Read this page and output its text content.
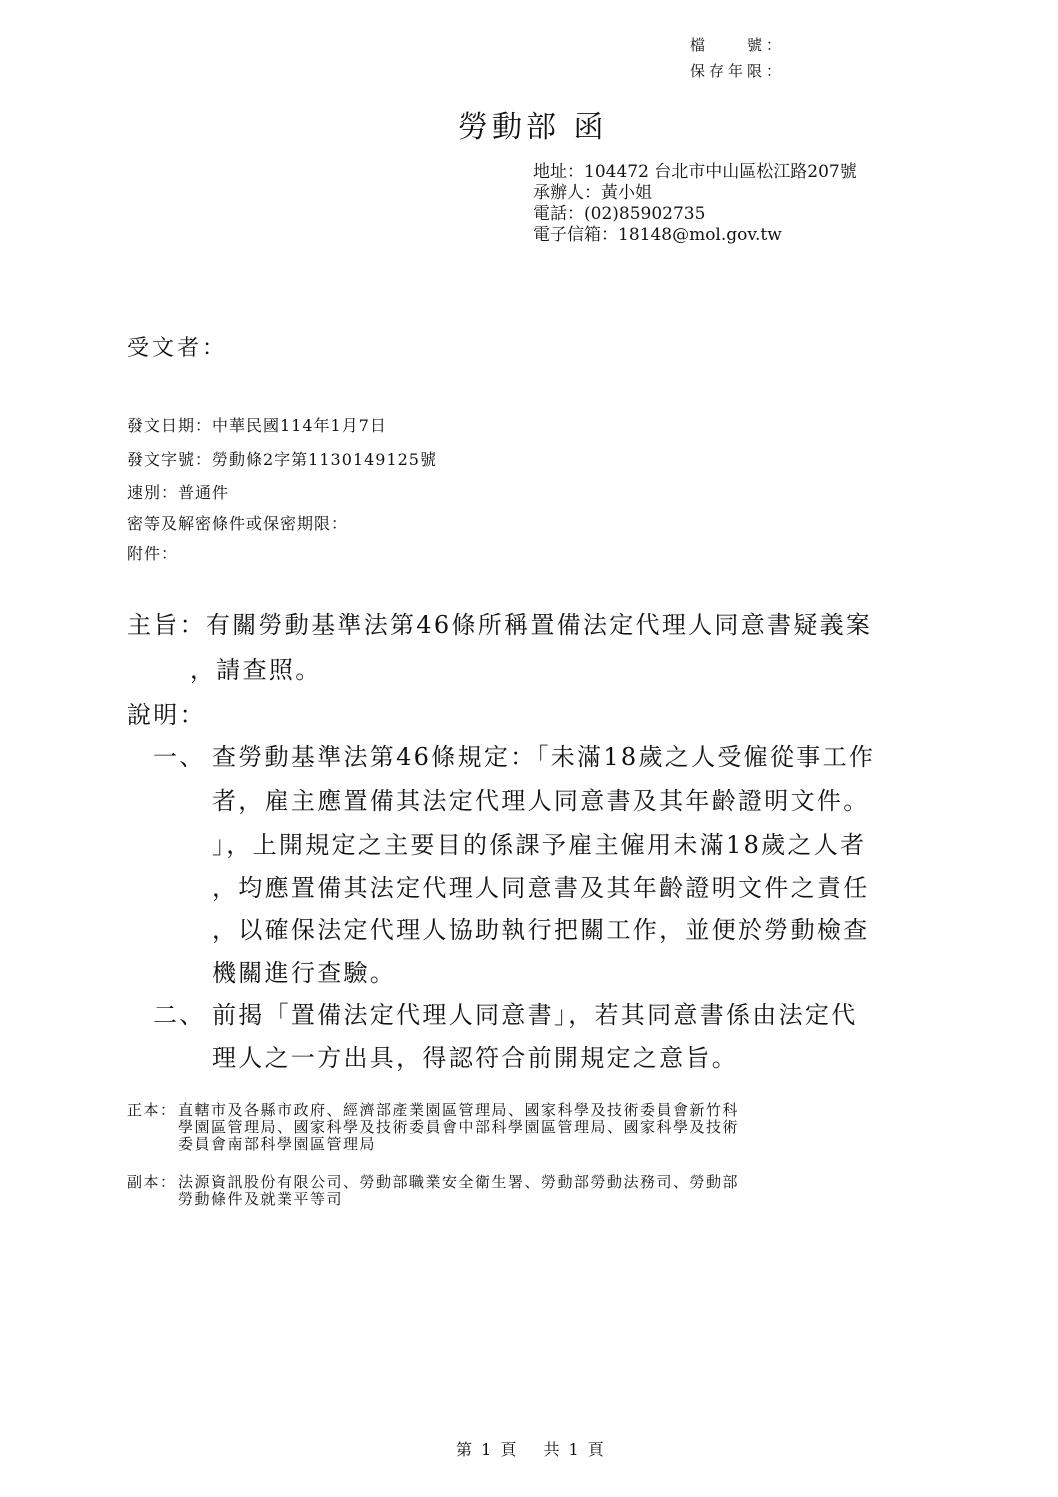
檔　　號：
保存年限：
勞動部 函
地址：104472 台北市中山區松江路207號
承辦人：黃小姐
電話：(02)85902735
電子信箱：18148@mol.gov.tw
受文者：
發文日期：中華民國114年1月7日
發文字號：勞動條2字第1130149125號
速別：普通件
密等及解密條件或保密期限：
附件：
主旨：有關勞動基準法第46條所稱置備法定代理人同意書疑義案
，請查照。
說明：
一、 查勞動基準法第46條規定：「未滿18歲之人受僱從事工作
者，雇主應置備其法定代理人同意書及其年齡證明文件。
」，上開規定之主要目的係課予雇主僱用未滿18歲之人者
，均應置備其法定代理人同意書及其年齡證明文件之責任
，以確保法定代理人協助執行把關工作，並便於勞動檢查
機關進行查驗。
二、 前揭「置備法定代理人同意書」，若其同意書係由法定代
理人之一方出具，得認符合前開規定之意旨。
正本： 直轄市及各縣市政府、經濟部產業園區管理局、國家科學及技術委員會新竹科
學園區管理局、國家科學及技術委員會中部科學園區管理局、國家科學及技術
委員會南部科學園區管理局
副本： 法源資訊股份有限公司、勞動部職業安全衛生署、勞動部勞動法務司、勞動部
勞動條件及就業平等司
第 1 頁　 共 1 頁
